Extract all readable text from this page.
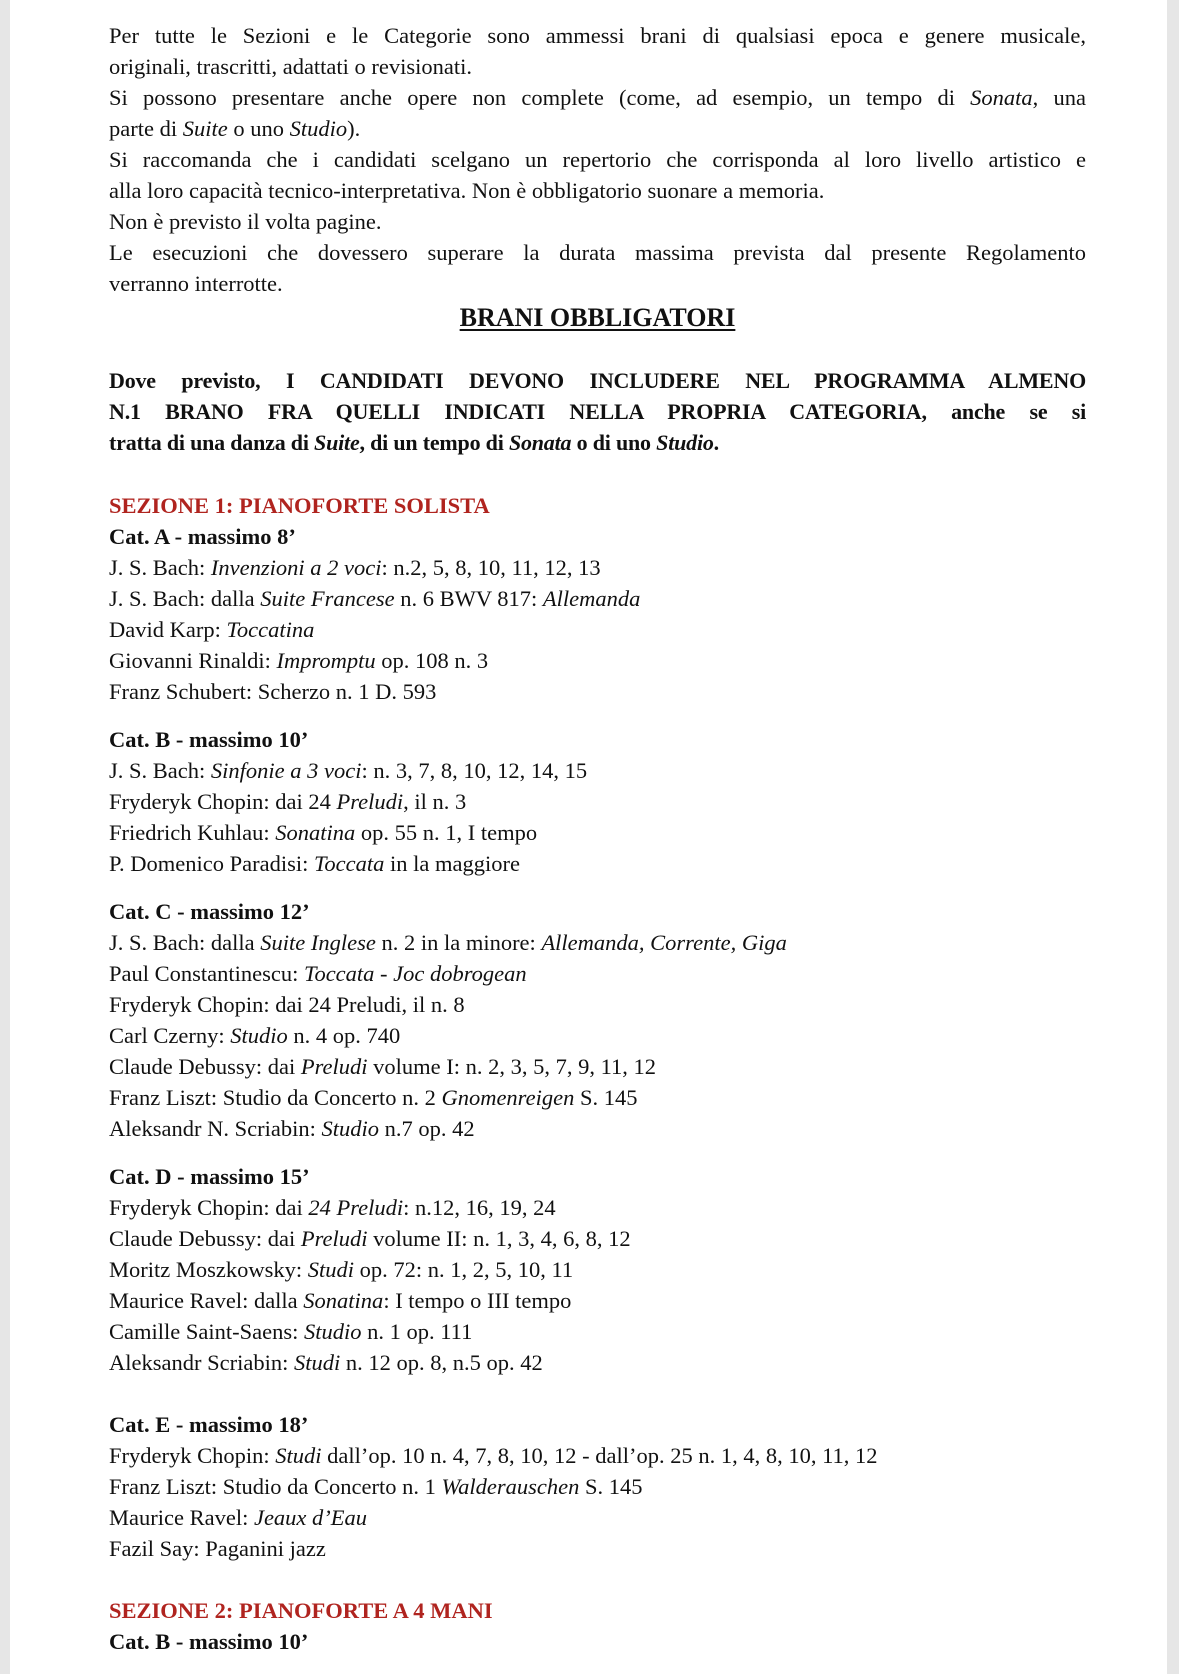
Per tutte le Sezioni e le Categorie sono ammessi brani di qualsiasi epoca e genere musicale,
originali, trascritti, adattati o revisionati.
Si possono presentare anche opere non complete (come, ad esempio, un tempo di Sonata, una
parte di Suite o uno Studio).
Si raccomanda che i candidati scelgano un repertorio che corrisponda al loro livello artistico e
alla loro capacità tecnico-interpretativa. Non è obbligatorio suonare a memoria.
Non è previsto il volta pagine.
Le esecuzioni che dovessero superare la durata massima prevista dal presente Regolamento
verranno interrotte.
BRANI OBBLIGATORI
Dove previsto, I CANDIDATI DEVONO INCLUDERE NEL PROGRAMMA ALMENO
N.1 BRANO FRA QUELLI INDICATI NELLA PROPRIA CATEGORIA, anche se si
tratta di una danza di Suite, di un tempo di Sonata o di uno Studio.
SEZIONE 1: PIANOFORTE SOLISTA
Cat. A - massimo 8’
J. S. Bach: Invenzioni a 2 voci: n.2, 5, 8, 10, 11, 12, 13
J. S. Bach: dalla Suite Francese n. 6 BWV 817: Allemanda
David Karp: Toccatina
Giovanni Rinaldi: Impromptu op. 108 n. 3
Franz Schubert: Scherzo n. 1 D. 593
Cat. B - massimo 10’
J. S. Bach: Sinfonie a 3 voci: n. 3, 7, 8, 10, 12, 14, 15
Fryderyk Chopin: dai 24 Preludi, il n. 3
Friedrich Kuhlau: Sonatina op. 55 n. 1, I tempo
P. Domenico Paradisi: Toccata in la maggiore
Cat. C - massimo 12’
J. S. Bach: dalla Suite Inglese n. 2 in la minore: Allemanda, Corrente, Giga
Paul Constantinescu: Toccata - Joc dobrogean
Fryderyk Chopin: dai 24 Preludi, il n. 8
Carl Czerny: Studio n. 4 op. 740
Claude Debussy: dai Preludi volume I: n. 2, 3, 5, 7, 9, 11, 12
Franz Liszt: Studio da Concerto n. 2 Gnomenreigen S. 145
Aleksandr N. Scriabin: Studio n.7 op. 42
Cat. D - massimo 15’
Fryderyk Chopin: dai 24 Preludi: n.12, 16, 19, 24
Claude Debussy: dai Preludi volume II: n. 1, 3, 4, 6, 8, 12
Moritz Moszkowsky: Studi op. 72: n. 1, 2, 5, 10, 11
Maurice Ravel: dalla Sonatina: I tempo o III tempo
Camille Saint-Saens: Studio n. 1 op. 111
Aleksandr Scriabin: Studi n. 12 op. 8, n.5 op. 42
Cat. E - massimo 18’
Fryderyk Chopin: Studi dall’op. 10 n. 4, 7, 8, 10, 12 - dall’op. 25 n. 1, 4, 8, 10, 11, 12
Franz Liszt: Studio da Concerto n. 1 Walderauschen S. 145
Maurice Ravel: Jeaux d’Eau
Fazil Say: Paganini jazz
SEZIONE 2: PIANOFORTE A 4 MANI
Cat. B - massimo 10’
